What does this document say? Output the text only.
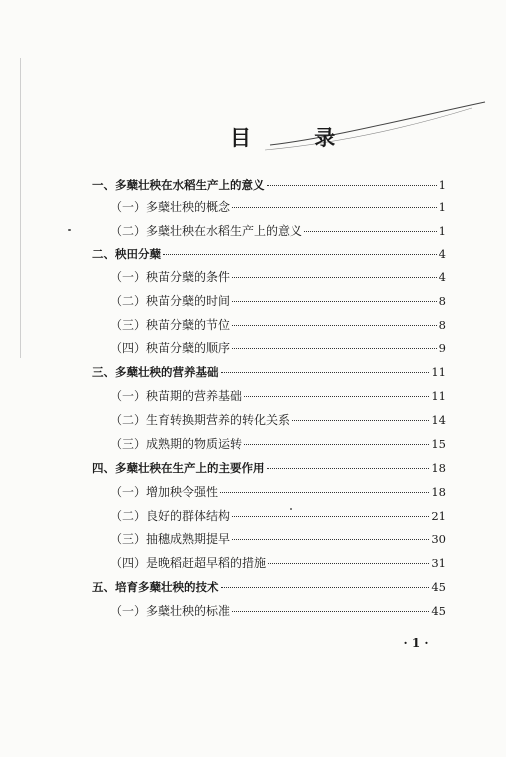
目 录
一、多蘖壮秧在水稻生产上的意义	1
（一）多蘖壮秧的概念	1
（二）多蘖壮秧在水稻生产上的意义	1
二、秧田分蘖	4
（一）秧苗分蘖的条件	4
（二）秧苗分蘖的时间	8
（三）秧苗分蘖的节位	8
（四）秧苗分蘖的顺序	9
三、多蘖壮秧的营养基础	11
（一）秧苗期的营养基础	11
（二）生育转换期营养的转化关系	14
（三）成熟期的物质运转	15
四、多蘖壮秧在生产上的主要作用	18
（一）增加秧令强性	18
（二）良好的群体结构	21
（三）抽穗成熟期提早	30
（四）是晚稻赶超早稻的措施	31
五、培育多蘖壮秧的技术	45
（一）多蘖壮秧的标准	45
· 1 ·
